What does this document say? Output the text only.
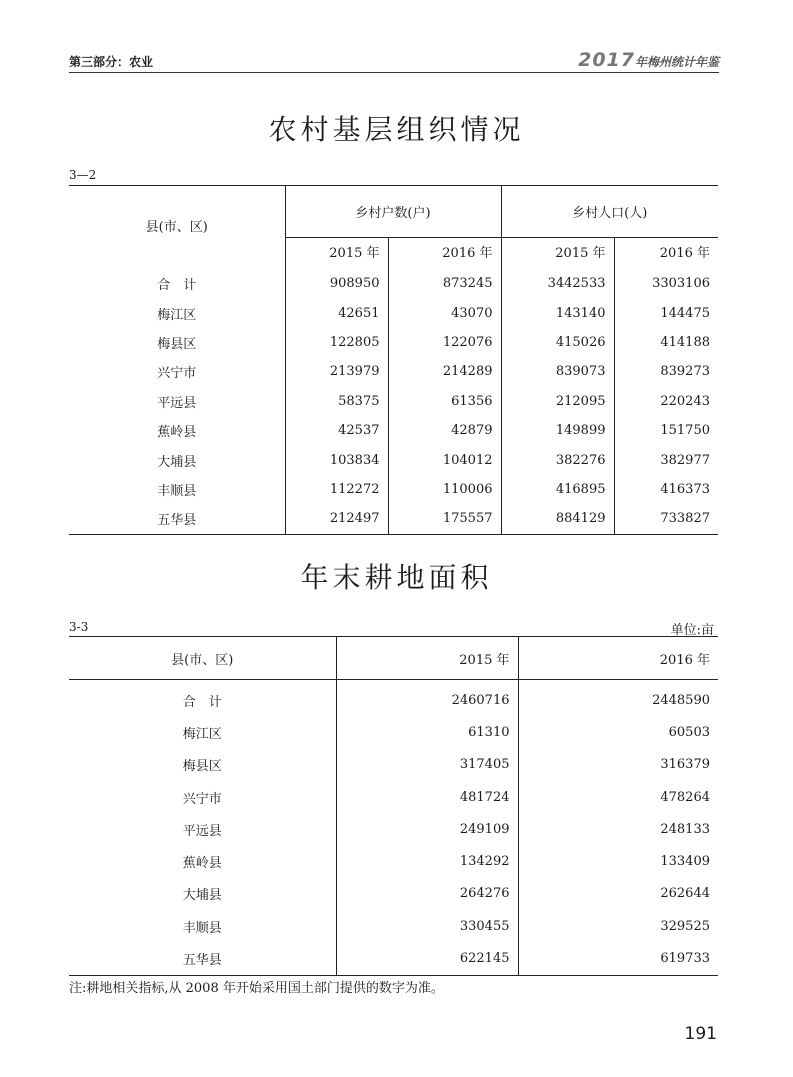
第三部分：农业	2017年梅州统计年鉴
农村基层组织情况
3—2
县(市、区)	乡村户数(户)		乡村人口(人)	
	2015 年	2016 年	2015 年	2016 年
合　计	908950	873245	3442533	3303106
梅江区	42651	43070	143140	144475
梅县区	122805	122076	415026	414188
兴宁市	213979	214289	839073	839273
平远县	58375	61356	212095	220243
蕉岭县	42537	42879	149899	151750
大埔县	103834	104012	382276	382977
丰顺县	112272	110006	416895	416373
五华县	212497	175557	884129	733827
年末耕地面积
3-3	单位:亩
县(市、区)	2015 年	2016 年
合　计	2460716	2448590
梅江区	61310	60503
梅县区	317405	316379
兴宁市	481724	478264
平远县	249109	248133
蕉岭县	134292	133409
大埔县	264276	262644
丰顺县	330455	329525
五华县	622145	619733
注:耕地相关指标,从 2008 年开始采用国土部门提供的数字为准。
191
